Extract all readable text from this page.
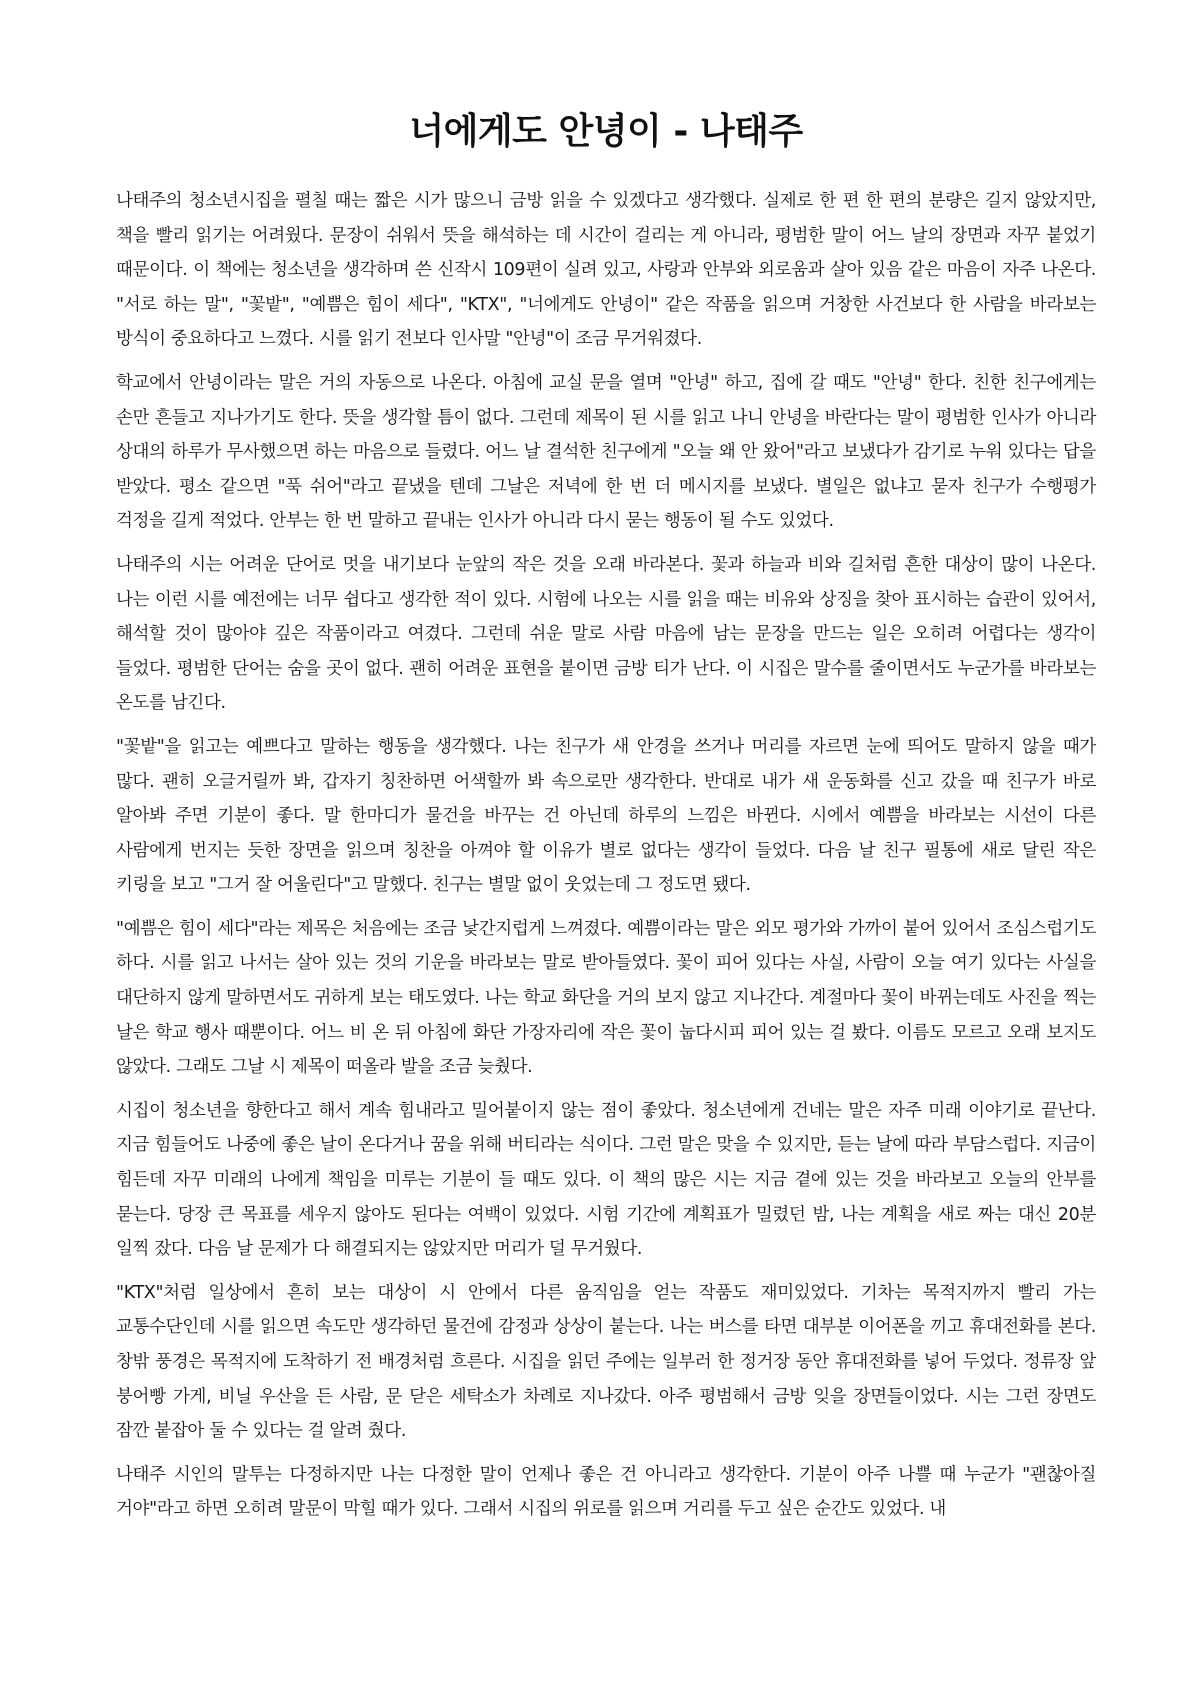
너에게도 안녕이 - 나태주

나태주의 청소년시집을 펼칠 때는 짧은 시가 많으니 금방 읽을 수 있겠다고 생각했다. 실제로 한 편 한 편의 분량은 길지 않았지만, 책을 빨리 읽기는 어려웠다. 문장이 쉬워서 뜻을 해석하는 데 시간이 걸리는 게 아니라, 평범한 말이 어느 날의 장면과 자꾸 붙었기 때문이다. 이 책에는 청소년을 생각하며 쓴 신작시 109편이 실려 있고, 사랑과 안부와 외로움과 살아 있음 같은 마음이 자주 나온다. "서로 하는 말", "꽃밭", "예쁨은 힘이 세다", "KTX", "너에게도 안녕이" 같은 작품을 읽으며 거창한 사건보다 한 사람을 바라보는 방식이 중요하다고 느꼈다. 시를 읽기 전보다 인사말 "안녕"이 조금 무거워졌다.

학교에서 안녕이라는 말은 거의 자동으로 나온다. 아침에 교실 문을 열며 "안녕" 하고, 집에 갈 때도 "안녕" 한다. 친한 친구에게는 손만 흔들고 지나가기도 한다. 뜻을 생각할 틈이 없다. 그런데 제목이 된 시를 읽고 나니 안녕을 바란다는 말이 평범한 인사가 아니라 상대의 하루가 무사했으면 하는 마음으로 들렸다. 어느 날 결석한 친구에게 "오늘 왜 안 왔어"라고 보냈다가 감기로 누워 있다는 답을 받았다. 평소 같으면 "푹 쉬어"라고 끝냈을 텐데 그날은 저녁에 한 번 더 메시지를 보냈다. 별일은 없냐고 묻자 친구가 수행평가 걱정을 길게 적었다. 안부는 한 번 말하고 끝내는 인사가 아니라 다시 묻는 행동이 될 수도 있었다.

나태주의 시는 어려운 단어로 멋을 내기보다 눈앞의 작은 것을 오래 바라본다. 꽃과 하늘과 비와 길처럼 흔한 대상이 많이 나온다. 나는 이런 시를 예전에는 너무 쉽다고 생각한 적이 있다. 시험에 나오는 시를 읽을 때는 비유와 상징을 찾아 표시하는 습관이 있어서, 해석할 것이 많아야 깊은 작품이라고 여겼다. 그런데 쉬운 말로 사람 마음에 남는 문장을 만드는 일은 오히려 어렵다는 생각이 들었다. 평범한 단어는 숨을 곳이 없다. 괜히 어려운 표현을 붙이면 금방 티가 난다. 이 시집은 말수를 줄이면서도 누군가를 바라보는 온도를 남긴다.

"꽃밭"을 읽고는 예쁘다고 말하는 행동을 생각했다. 나는 친구가 새 안경을 쓰거나 머리를 자르면 눈에 띄어도 말하지 않을 때가 많다. 괜히 오글거릴까 봐, 갑자기 칭찬하면 어색할까 봐 속으로만 생각한다. 반대로 내가 새 운동화를 신고 갔을 때 친구가 바로 알아봐 주면 기분이 좋다. 말 한마디가 물건을 바꾸는 건 아닌데 하루의 느낌은 바뀐다. 시에서 예쁨을 바라보는 시선이 다른 사람에게 번지는 듯한 장면을 읽으며 칭찬을 아껴야 할 이유가 별로 없다는 생각이 들었다. 다음 날 친구 필통에 새로 달린 작은 키링을 보고 "그거 잘 어울린다"고 말했다. 친구는 별말 없이 웃었는데 그 정도면 됐다.

"예쁨은 힘이 세다"라는 제목은 처음에는 조금 낯간지럽게 느껴졌다. 예쁨이라는 말은 외모 평가와 가까이 붙어 있어서 조심스럽기도 하다. 시를 읽고 나서는 살아 있는 것의 기운을 바라보는 말로 받아들였다. 꽃이 피어 있다는 사실, 사람이 오늘 여기 있다는 사실을 대단하지 않게 말하면서도 귀하게 보는 태도였다. 나는 학교 화단을 거의 보지 않고 지나간다. 계절마다 꽃이 바뀌는데도 사진을 찍는 날은 학교 행사 때뿐이다. 어느 비 온 뒤 아침에 화단 가장자리에 작은 꽃이 눕다시피 피어 있는 걸 봤다. 이름도 모르고 오래 보지도 않았다. 그래도 그날 시 제목이 떠올라 발을 조금 늦췄다.

시집이 청소년을 향한다고 해서 계속 힘내라고 밀어붙이지 않는 점이 좋았다. 청소년에게 건네는 말은 자주 미래 이야기로 끝난다. 지금 힘들어도 나중에 좋은 날이 온다거나 꿈을 위해 버티라는 식이다. 그런 말은 맞을 수 있지만, 듣는 날에 따라 부담스럽다. 지금이 힘든데 자꾸 미래의 나에게 책임을 미루는 기분이 들 때도 있다. 이 책의 많은 시는 지금 곁에 있는 것을 바라보고 오늘의 안부를 묻는다. 당장 큰 목표를 세우지 않아도 된다는 여백이 있었다. 시험 기간에 계획표가 밀렸던 밤, 나는 계획을 새로 짜는 대신 20분 일찍 잤다. 다음 날 문제가 다 해결되지는 않았지만 머리가 덜 무거웠다.

"KTX"처럼 일상에서 흔히 보는 대상이 시 안에서 다른 움직임을 얻는 작품도 재미있었다. 기차는 목적지까지 빨리 가는 교통수단인데 시를 읽으면 속도만 생각하던 물건에 감정과 상상이 붙는다. 나는 버스를 타면 대부분 이어폰을 끼고 휴대전화를 본다. 창밖 풍경은 목적지에 도착하기 전 배경처럼 흐른다. 시집을 읽던 주에는 일부러 한 정거장 동안 휴대전화를 넣어 두었다. 정류장 앞 붕어빵 가게, 비닐 우산을 든 사람, 문 닫은 세탁소가 차례로 지나갔다. 아주 평범해서 금방 잊을 장면들이었다. 시는 그런 장면도 잠깐 붙잡아 둘 수 있다는 걸 알려 줬다.

나태주 시인의 말투는 다정하지만 나는 다정한 말이 언제나 좋은 건 아니라고 생각한다. 기분이 아주 나쁠 때 누군가 "괜찮아질 거야"라고 하면 오히려 말문이 막힐 때가 있다. 그래서 시집의 위로를 읽으며 거리를 두고 싶은 순간도 있었다. 내
